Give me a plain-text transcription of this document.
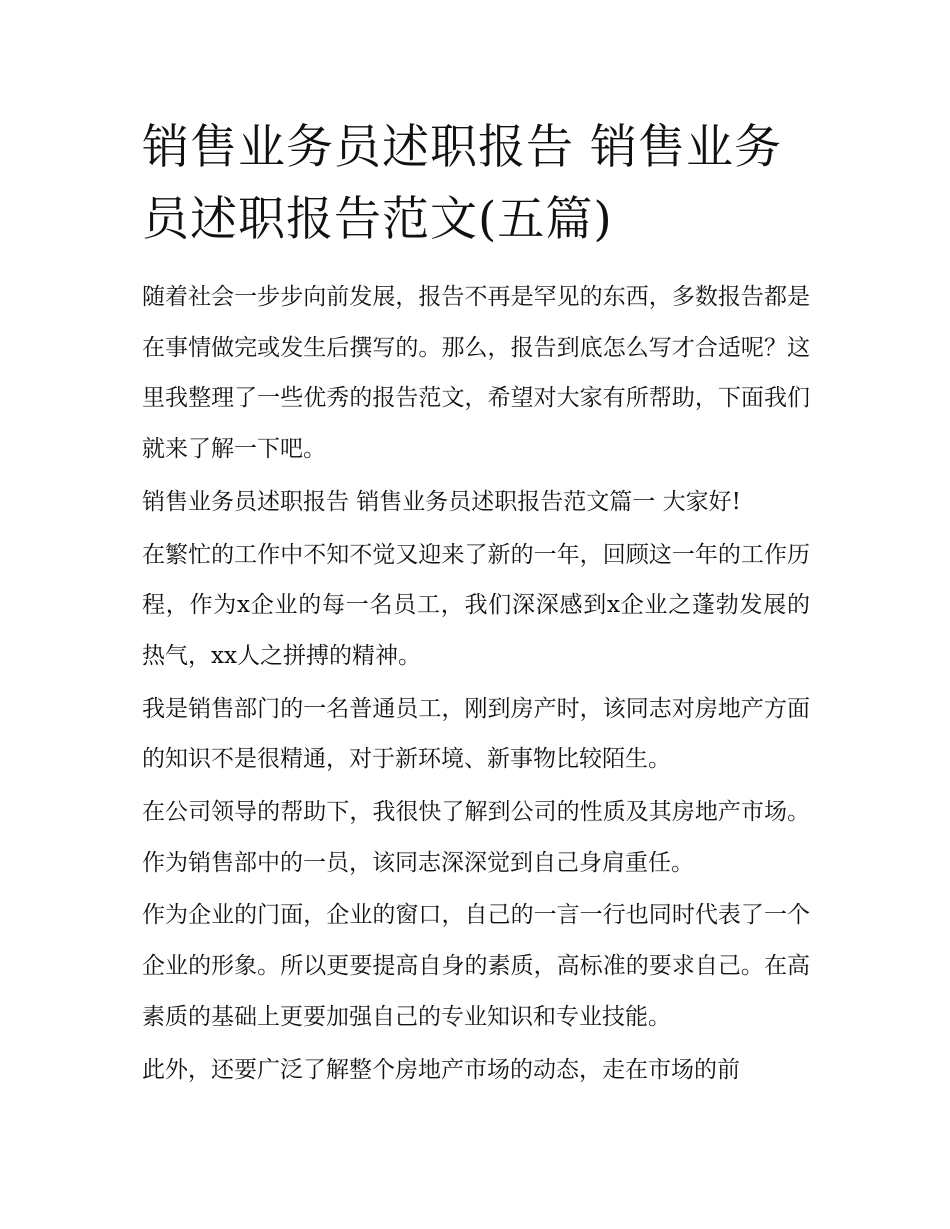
销售业务员述职报告 销售业务员述职报告范文(五篇)

随着社会一步步向前发展，报告不再是罕见的东西，多数报告都是在事情做完或发生后撰写的。那么，报告到底怎么写才合适呢？这里我整理了一些优秀的报告范文，希望对大家有所帮助，下面我们就来了解一下吧。

销售业务员述职报告 销售业务员述职报告范文篇一 大家好!

在繁忙的工作中不知不觉又迎来了新的一年，回顾这一年的工作历程，作为x企业的每一名员工，我们深深感到x企业之蓬勃发展的热气，xx人之拼搏的精神。

我是销售部门的一名普通员工，刚到房产时，该同志对房地产方面的知识不是很精通，对于新环境、新事物比较陌生。

在公司领导的帮助下，我很快了解到公司的性质及其房地产市场。作为销售部中的一员，该同志深深觉到自己身肩重任。

作为企业的门面，企业的窗口，自己的一言一行也同时代表了一个企业的形象。所以更要提高自身的素质，高标准的要求自己。在高素质的基础上更要加强自己的专业知识和专业技能。

此外，还要广泛了解整个房地产市场的动态，走在市场的前
